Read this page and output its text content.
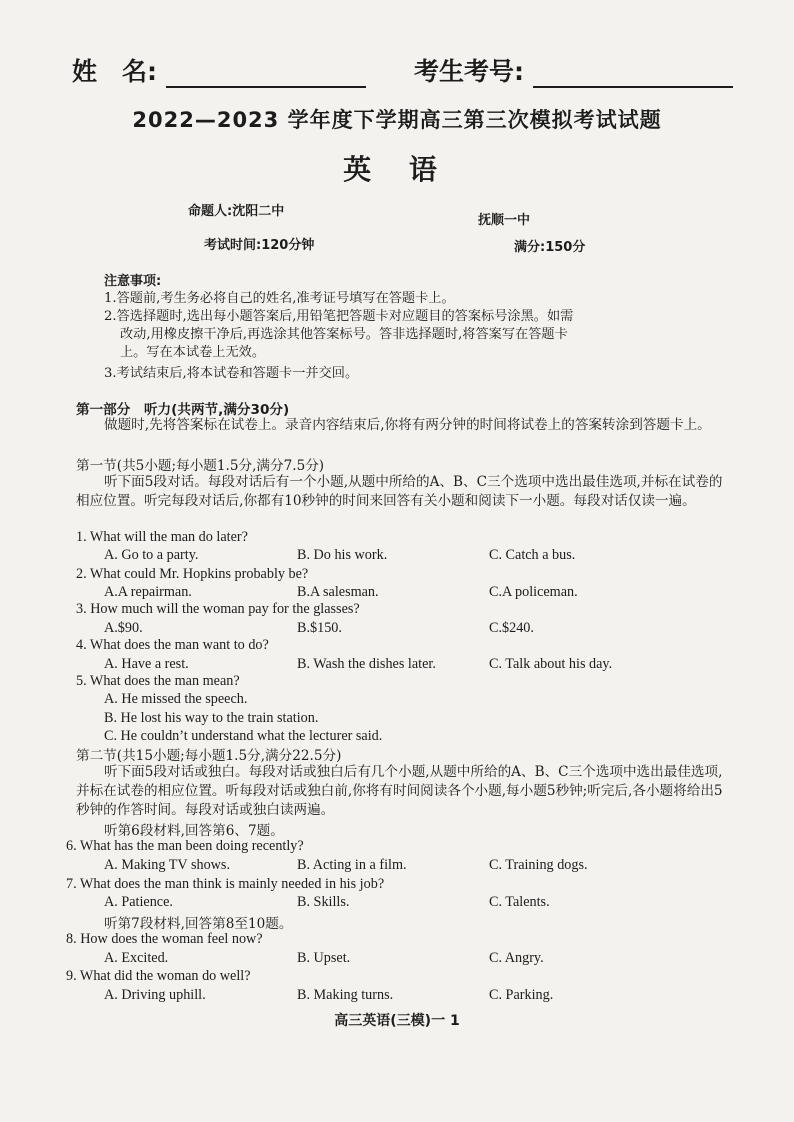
姓　名:	考生考号:
2022—2023 学年度下学期高三第三次模拟考试试题
英 语
命题人:沈阳二中
抚顺一中
考试时间:120分钟	满分:150分
注意事项:
1.答题前,考生务必将自己的姓名,准考证号填写在答题卡上。
2.答选择题时,选出每小题答案后,用铅笔把答题卡对应题目的答案标号涂黑。如需
改动,用橡皮擦干净后,再选涂其他答案标号。答非选择题时,将答案写在答题卡
上。写在本试卷上无效。
3.考试结束后,将本试卷和答题卡一并交回。
第一部分　听力(共两节,满分30分)
做题时,先将答案标在试卷上。录音内容结束后,你将有两分钟的时间将试卷上的答案转涂到答题卡上。
第一节(共5小题;每小题1.5分,满分7.5分)
听下面5段对话。每段对话后有一个小题,从题中所给的A、B、C三个选项中选出最佳选项,并标在试卷的相应位置。听完每段对话后,你都有10秒钟的时间来回答有关小题和阅读下一小题。每段对话仅读一遍。
1. What will the man do later?
A. Go to a party.	B. Do his work.	C. Catch a bus.
2. What could Mr. Hopkins probably be?
A.A repairman.	B.A salesman.	C.A policeman.
3. How much will the woman pay for the glasses?
A.$90.	B.$150.	C.$240.
4. What does the man want to do?
A. Have a rest.	B. Wash the dishes later.	C. Talk about his day.
5. What does the man mean?
A. He missed the speech.
B. He lost his way to the train station.
C. He couldn’t understand what the lecturer said.
第二节(共15小题;每小题1.5分,满分22.5分)
听下面5段对话或独白。每段对话或独白后有几个小题,从题中所给的A、B、C三个选项中选出最佳选项,并标在试卷的相应位置。听每段对话或独白前,你将有时间阅读各个小题,每小题5秒钟;听完后,各小题将给出5秒钟的作答时间。每段对话或独白读两遍。
听第6段材料,回答第6、7题。
6. What has the man been doing recently?
A. Making TV shows.	B. Acting in a film.	C. Training dogs.
7. What does the man think is mainly needed in his job?
A. Patience.	B. Skills.	C. Talents.
听第7段材料,回答第8至10题。
8. How does the woman feel now?
A. Excited.	B. Upset.	C. Angry.
9. What did the woman do well?
A. Driving uphill.	B. Making turns.	C. Parking.
高三英语(三模)一 1
